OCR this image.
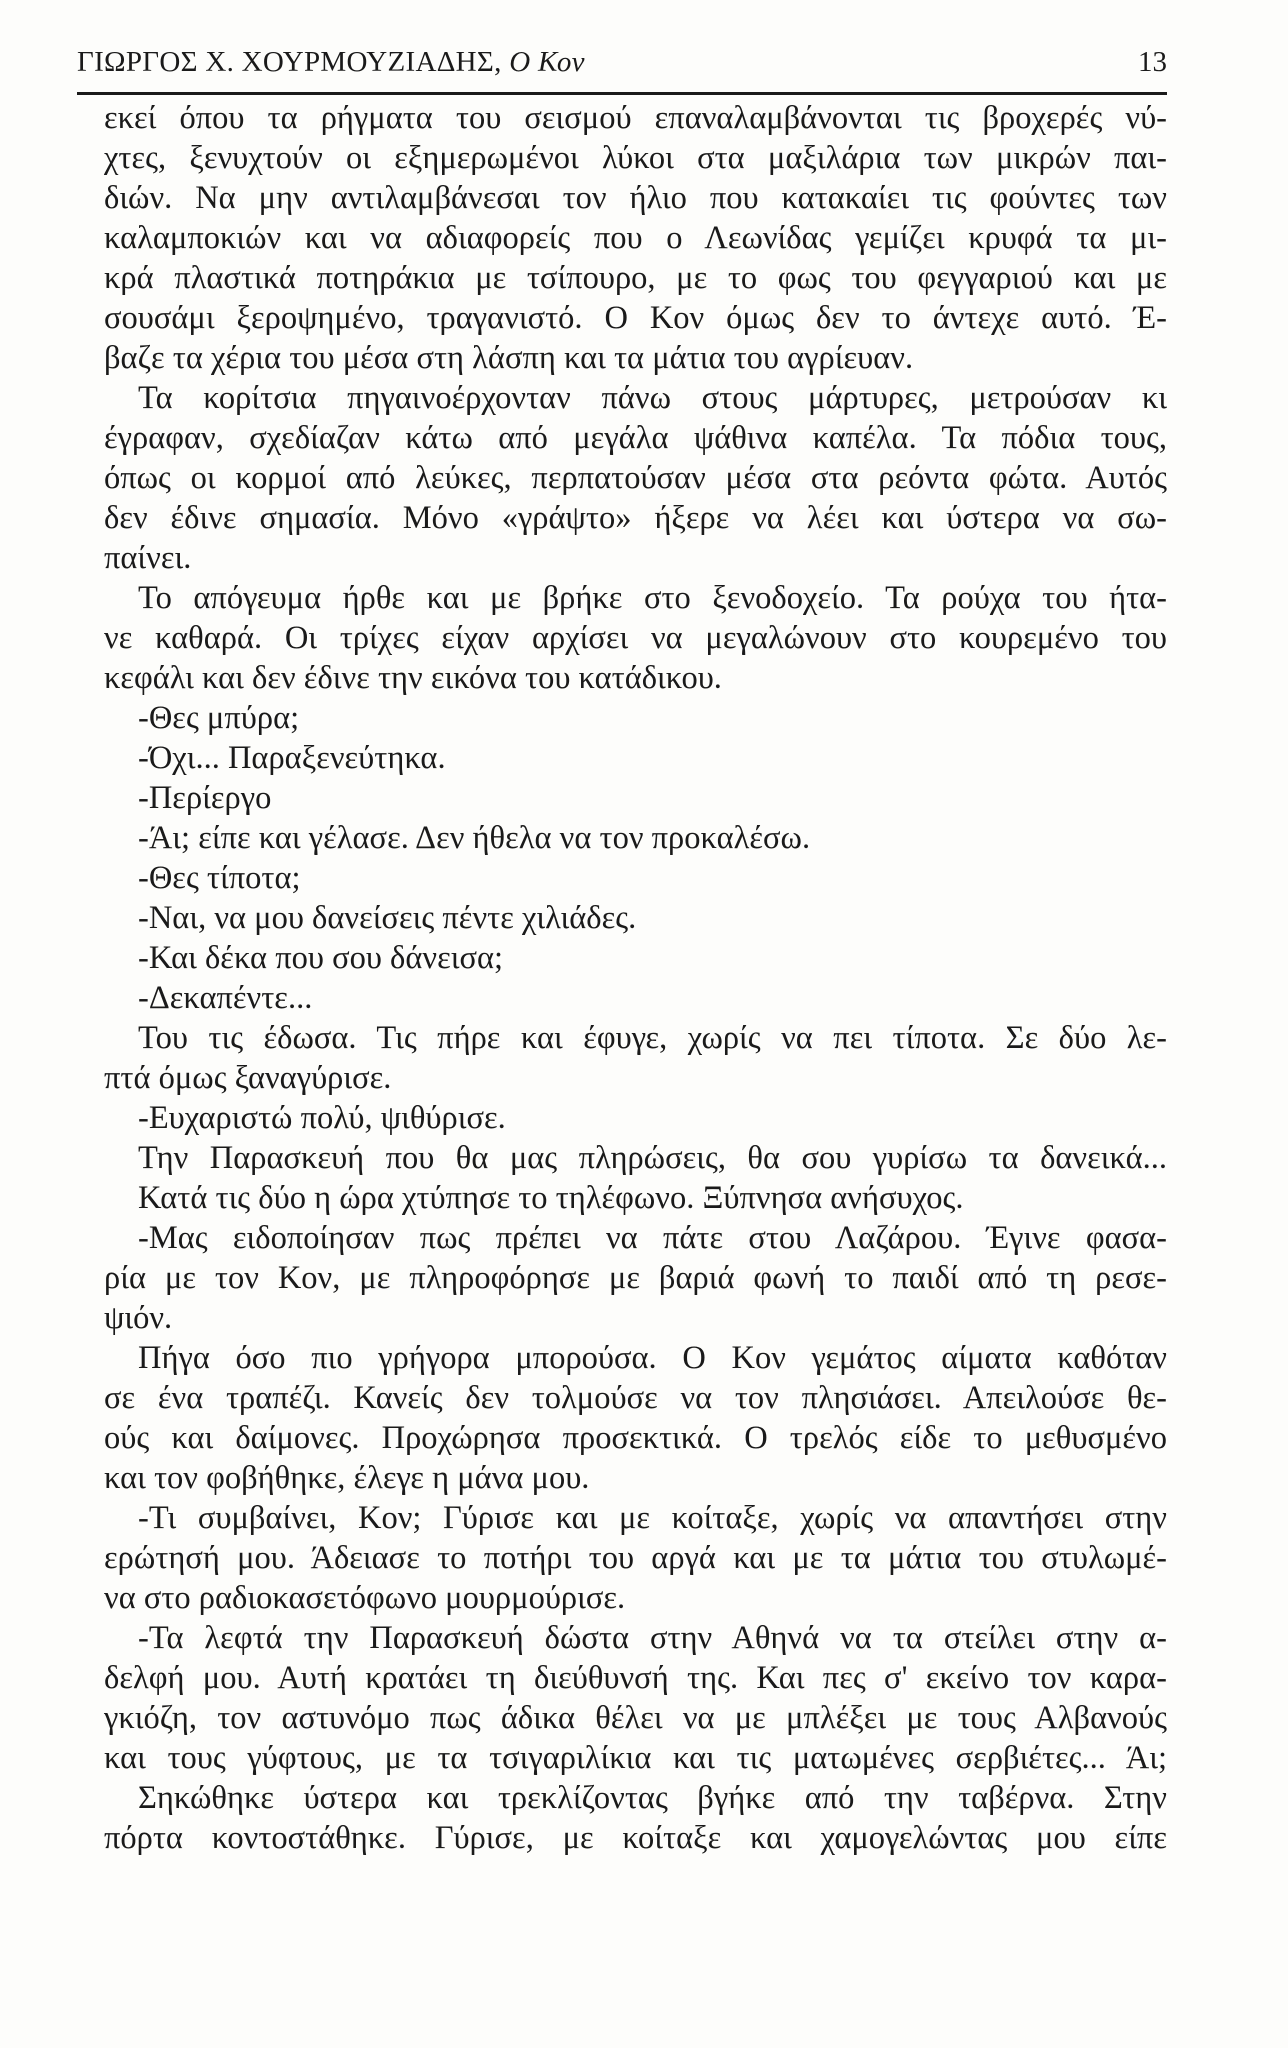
ΓΙΩΡΓΟΣ Χ. ΧΟΥΡΜΟΥΖΙΑΔΗΣ, Ο Κον	13
εκεί όπου τα ρήγματα του σεισμού επαναλαμβάνονται τις βροχερές νύ-
χτες, ξενυχτούν οι εξημερωμένοι λύκοι στα μαξιλάρια των μικρών παι-
διών. Να μην αντιλαμβάνεσαι τον ήλιο που κατακαίει τις φούντες των
καλαμποκιών και να αδιαφορείς που ο Λεωνίδας γεμίζει κρυφά τα μι-
κρά πλαστικά ποτηράκια με τσίπουρο, με το φως του φεγγαριού και με
σουσάμι ξεροψημένο, τραγανιστό. Ο Κον όμως δεν το άντεχε αυτό. Έ-
βαζε τα χέρια του μέσα στη λάσπη και τα μάτια του αγρίευαν.
Τα κορίτσια πηγαινοέρχονταν πάνω στους μάρτυρες, μετρούσαν κι
έγραφαν, σχεδίαζαν κάτω από μεγάλα ψάθινα καπέλα. Τα πόδια τους,
όπως οι κορμοί από λεύκες, περπατούσαν μέσα στα ρεόντα φώτα. Αυτός
δεν έδινε σημασία. Μόνο «γράψτο» ήξερε να λέει και ύστερα να σω-
παίνει.
Το απόγευμα ήρθε και με βρήκε στο ξενοδοχείο. Τα ρούχα του ήτα-
νε καθαρά. Οι τρίχες είχαν αρχίσει να μεγαλώνουν στο κουρεμένο του
κεφάλι και δεν έδινε την εικόνα του κατάδικου.
-Θες μπύρα;
-Όχι... Παραξενεύτηκα.
-Περίεργο
-Άι; είπε και γέλασε. Δεν ήθελα να τον προκαλέσω.
-Θες τίποτα;
-Ναι, να μου δανείσεις πέντε χιλιάδες.
-Και δέκα που σου δάνεισα;
-Δεκαπέντε...
Του τις έδωσα. Τις πήρε και έφυγε, χωρίς να πει τίποτα. Σε δύο λε-
πτά όμως ξαναγύρισε.
-Ευχαριστώ πολύ, ψιθύρισε.
Την Παρασκευή που θα μας πληρώσεις, θα σου γυρίσω τα δανεικά...
Κατά τις δύο η ώρα χτύπησε το τηλέφωνο. Ξύπνησα ανήσυχος.
-Μας ειδοποίησαν πως πρέπει να πάτε στου Λαζάρου. Έγινε φασα-
ρία με τον Κον, με πληροφόρησε με βαριά φωνή το παιδί από τη ρεσε-
ψιόν.
Πήγα όσο πιο γρήγορα μπορούσα. Ο Κον γεμάτος αίματα καθόταν
σε ένα τραπέζι. Κανείς δεν τολμούσε να τον πλησιάσει. Απειλούσε θε-
ούς και δαίμονες. Προχώρησα προσεκτικά. Ο τρελός είδε το μεθυσμένο
και τον φοβήθηκε, έλεγε η μάνα μου.
-Τι συμβαίνει, Κον; Γύρισε και με κοίταξε, χωρίς να απαντήσει στην
ερώτησή μου. Άδειασε το ποτήρι του αργά και με τα μάτια του στυλωμέ-
να στο ραδιοκασετόφωνο μουρμούρισε.
-Τα λεφτά την Παρασκευή δώστα στην Αθηνά να τα στείλει στην α-
δελφή μου. Αυτή κρατάει τη διεύθυνσή της. Και πες σ' εκείνο τον καρα-
γκιόζη, τον αστυνόμο πως άδικα θέλει να με μπλέξει με τους Αλβανούς
και τους γύφτους, με τα τσιγαριλίκια και τις ματωμένες σερβιέτες... Άι;
Σηκώθηκε ύστερα και τρεκλίζοντας βγήκε από την ταβέρνα. Στην
πόρτα κοντοστάθηκε. Γύρισε, με κοίταξε και χαμογελώντας μου είπε
